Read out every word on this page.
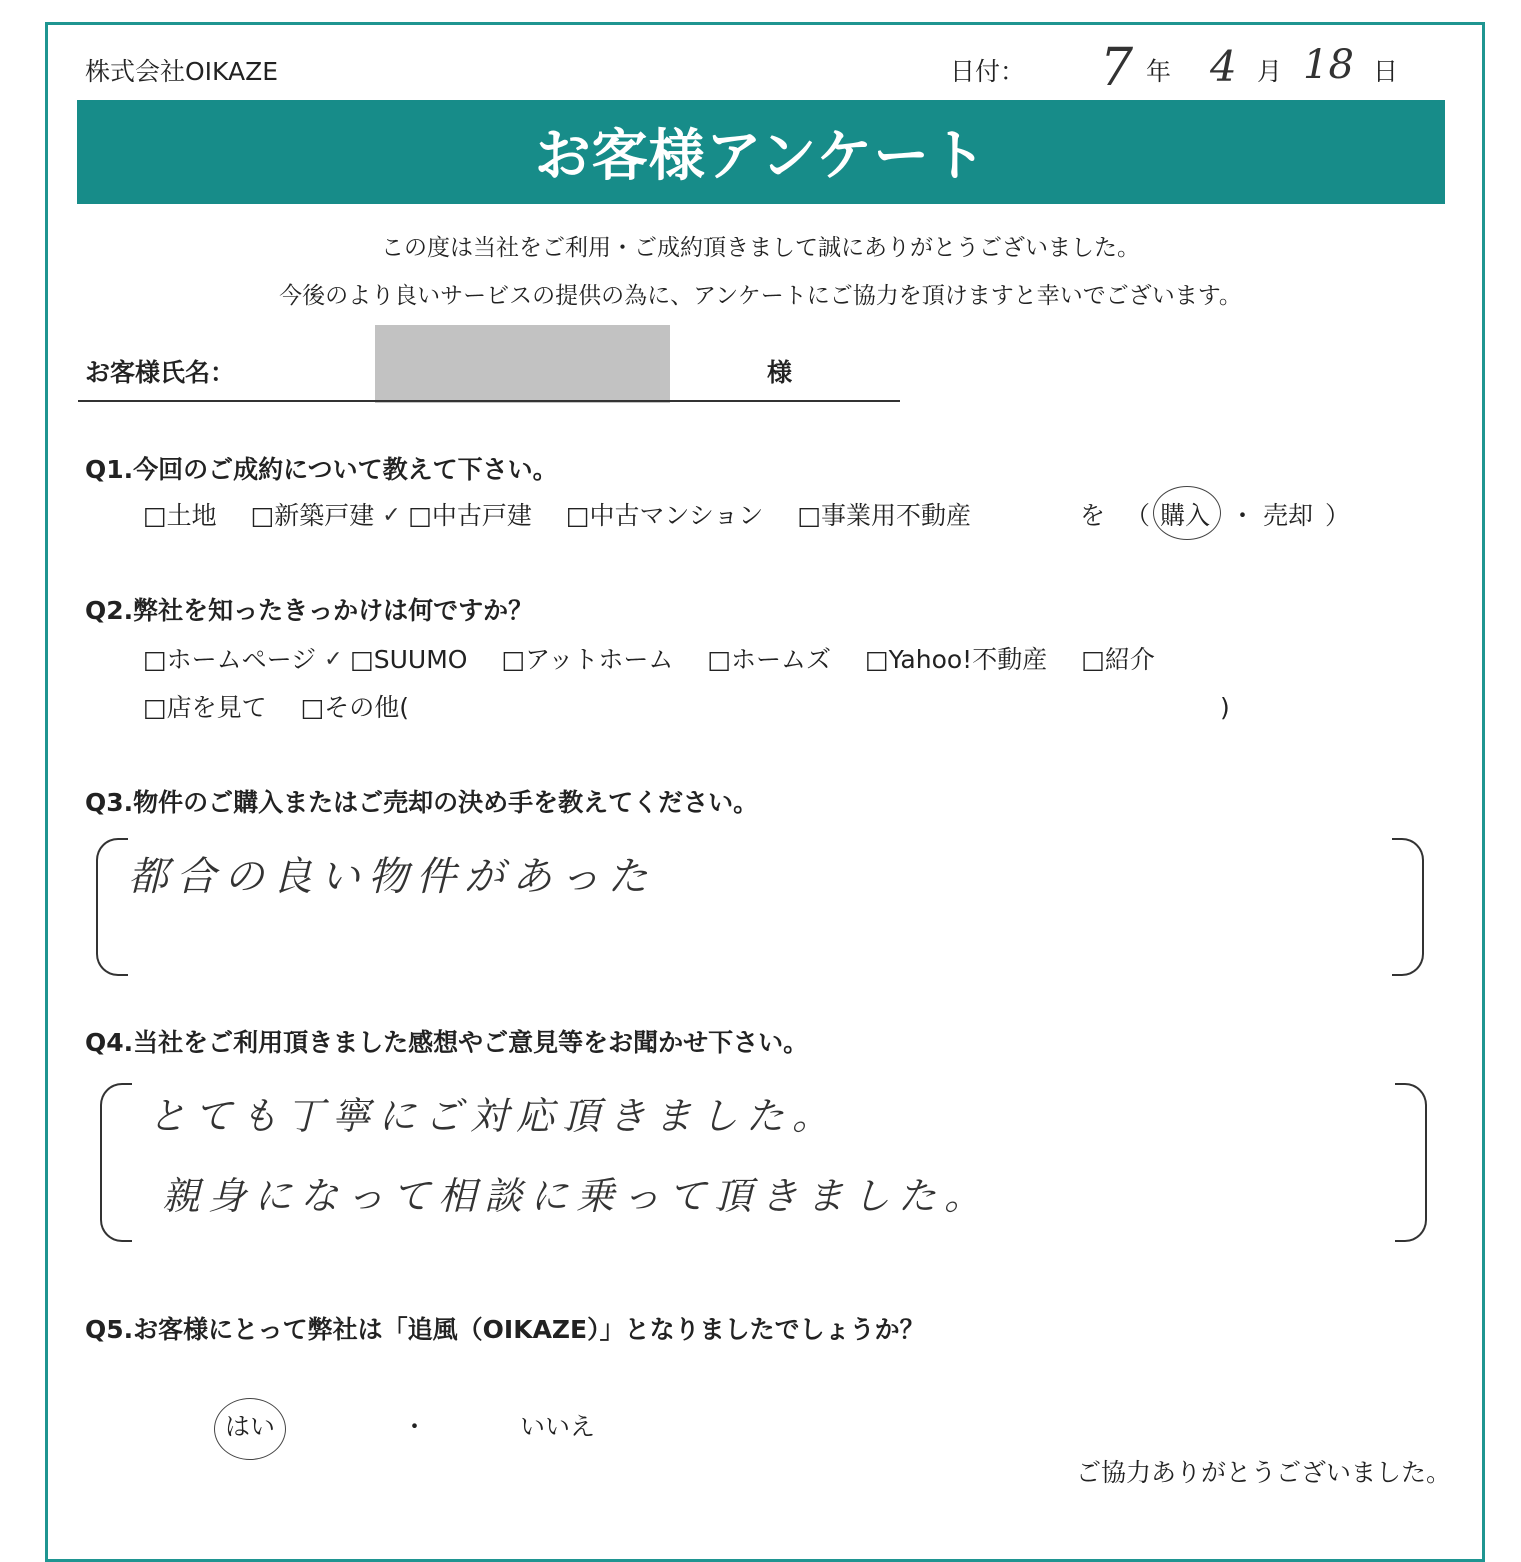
株式会社OIKAZE	日付： 7 年 4 月 18 日
お客様アンケート
この度は当社をご利用・ご成約頂きまして誠にありがとうございました。
今後のより良いサービスの提供の為に、アンケートにご協力を頂けますと幸いでございます。
お客様氏名：	様
Q1.今回のご成約について教えて下さい。
□土地 □新築戸建 ✓ □中古戸建 □中古マンション □事業用不動産	を （ 購入 ・ 売却 ）
Q2.弊社を知ったきっかけは何ですか？
□ホームページ ✓ □SUUMO □アットホーム □ホームズ □Yahoo!不動産 □紹介
□店を見て □その他(	)
Q3.物件のご購入またはご売却の決め手を教えてください。
都合の良い物件があった
Q4.当社をご利用頂きました感想やご意見等をお聞かせ下さい。
とても丁寧にご対応頂きました。
親身になって相談に乗って頂きました。
Q5.お客様にとって弊社は「追風（OIKAZE）」となりましたでしょうか？
はい	・	いいえ
ご協力ありがとうございました。
